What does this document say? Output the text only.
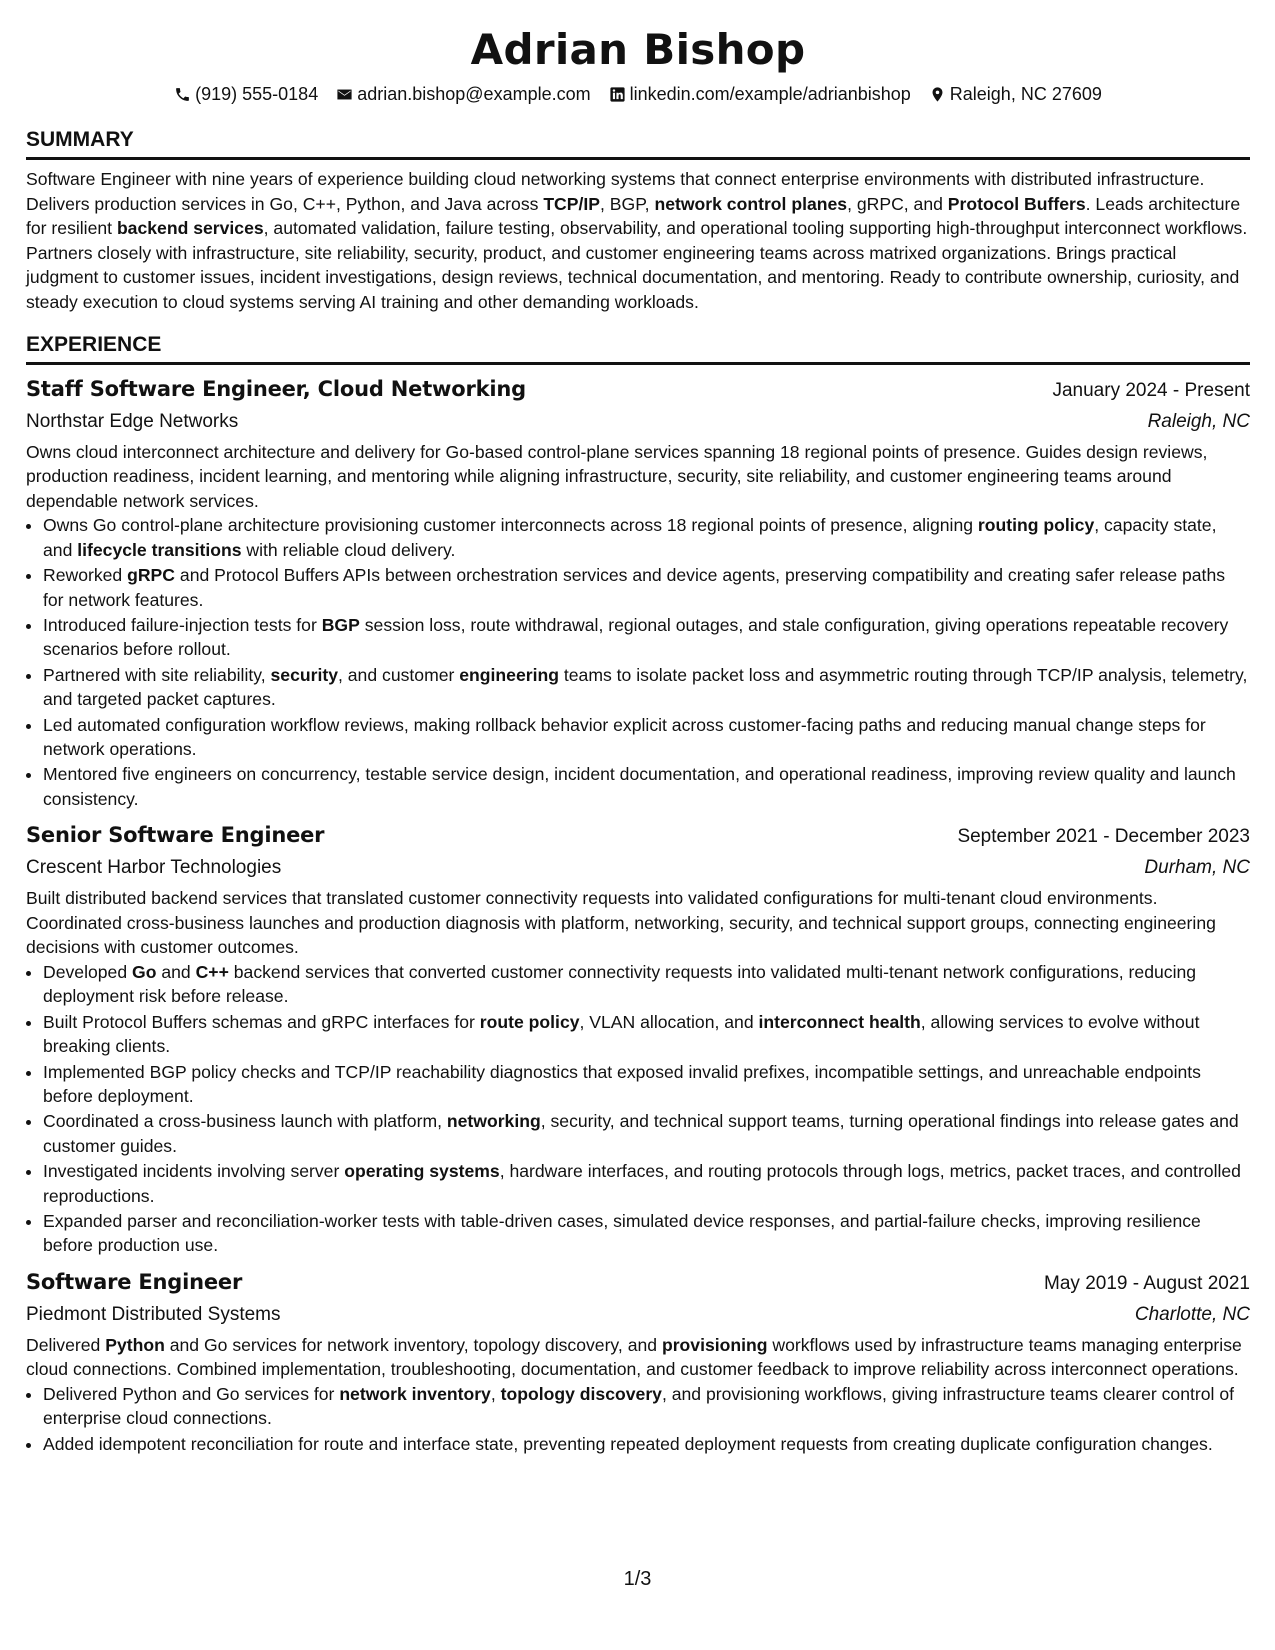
Adrian Bishop
(919) 555-0184 adrian.bishop@example.com linkedin.com/example/adrianbishop Raleigh, NC 27609
SUMMARY
Software Engineer with nine years of experience building cloud networking systems that connect enterprise environments with distributed infrastructure. Delivers production services in Go, C++, Python, and Java across TCP/IP, BGP, network control planes, gRPC, and Protocol Buffers. Leads architecture for resilient backend services, automated validation, failure testing, observability, and operational tooling supporting high-throughput interconnect workflows. Partners closely with infrastructure, site reliability, security, product, and customer engineering teams across matrixed organizations. Brings practical judgment to customer issues, incident investigations, design reviews, technical documentation, and mentoring. Ready to contribute ownership, curiosity, and steady execution to cloud systems serving AI training and other demanding workloads.
EXPERIENCE
Staff Software Engineer, Cloud Networking	January 2024 - Present
Northstar Edge Networks	Raleigh, NC
Owns cloud interconnect architecture and delivery for Go-based control-plane services spanning 18 regional points of presence. Guides design reviews, production readiness, incident learning, and mentoring while aligning infrastructure, security, site reliability, and customer engineering teams around dependable network services.
• Owns Go control-plane architecture provisioning customer interconnects across 18 regional points of presence, aligning routing policy, capacity state, and lifecycle transitions with reliable cloud delivery.
• Reworked gRPC and Protocol Buffers APIs between orchestration services and device agents, preserving compatibility and creating safer release paths for network features.
• Introduced failure-injection tests for BGP session loss, route withdrawal, regional outages, and stale configuration, giving operations repeatable recovery scenarios before rollout.
• Partnered with site reliability, security, and customer engineering teams to isolate packet loss and asymmetric routing through TCP/IP analysis, telemetry, and targeted packet captures.
• Led automated configuration workflow reviews, making rollback behavior explicit across customer-facing paths and reducing manual change steps for network operations.
• Mentored five engineers on concurrency, testable service design, incident documentation, and operational readiness, improving review quality and launch consistency.
Senior Software Engineer	September 2021 - December 2023
Crescent Harbor Technologies	Durham, NC
Built distributed backend services that translated customer connectivity requests into validated configurations for multi-tenant cloud environments. Coordinated cross-business launches and production diagnosis with platform, networking, security, and technical support groups, connecting engineering decisions with customer outcomes.
• Developed Go and C++ backend services that converted customer connectivity requests into validated multi-tenant network configurations, reducing deployment risk before release.
• Built Protocol Buffers schemas and gRPC interfaces for route policy, VLAN allocation, and interconnect health, allowing services to evolve without breaking clients.
• Implemented BGP policy checks and TCP/IP reachability diagnostics that exposed invalid prefixes, incompatible settings, and unreachable endpoints before deployment.
• Coordinated a cross-business launch with platform, networking, security, and technical support teams, turning operational findings into release gates and customer guides.
• Investigated incidents involving server operating systems, hardware interfaces, and routing protocols through logs, metrics, packet traces, and controlled reproductions.
• Expanded parser and reconciliation-worker tests with table-driven cases, simulated device responses, and partial-failure checks, improving resilience before production use.
Software Engineer	May 2019 - August 2021
Piedmont Distributed Systems	Charlotte, NC
Delivered Python and Go services for network inventory, topology discovery, and provisioning workflows used by infrastructure teams managing enterprise cloud connections. Combined implementation, troubleshooting, documentation, and customer feedback to improve reliability across interconnect operations.
• Delivered Python and Go services for network inventory, topology discovery, and provisioning workflows, giving infrastructure teams clearer control of enterprise cloud connections.
• Added idempotent reconciliation for route and interface state, preventing repeated deployment requests from creating duplicate configuration changes.
1/3
